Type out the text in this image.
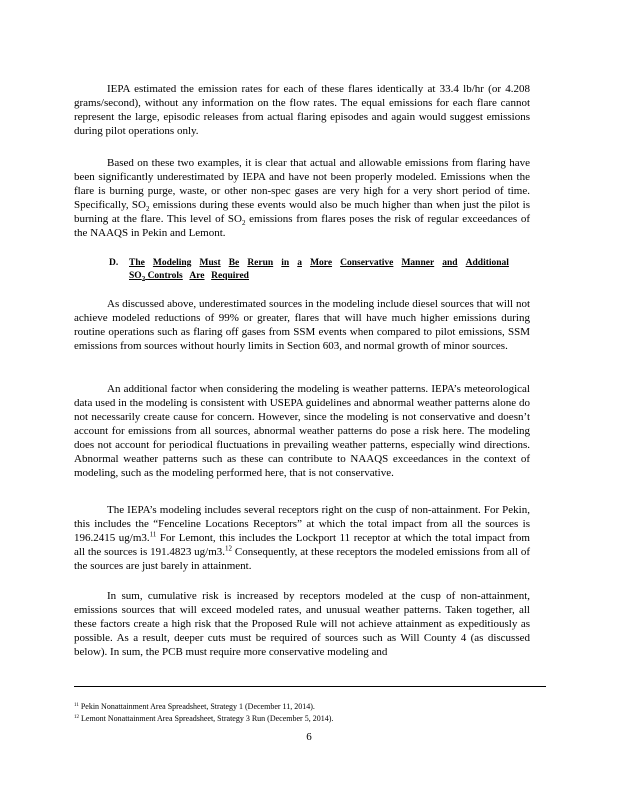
IEPA estimated the emission rates for each of these flares identically at 33.4 lb/hr (or 4.208 grams/second), without any information on the flow rates. The equal emissions for each flare cannot represent the large, episodic releases from actual flaring episodes and again would suggest emissions during pilot operations only.

Based on these two examples, it is clear that actual and allowable emissions from flaring have been significantly underestimated by IEPA and have not been properly modeled. Emissions when the flare is burning purge, waste, or other non-spec gases are very high for a very short period of time. Specifically, $SO_2$ emissions during these events would also be much higher than when just the pilot is burning at the flare. This level of $SO_2$ emissions from flares poses the risk of regular exceedances of the NAAQS in Pekin and Lemont.

D. The Modeling Must Be Rerun in a More Conservative Manner and Additional
$SO_2$ Controls Are Required

As discussed above, underestimated sources in the modeling include diesel sources that will not achieve modeled reductions of 99% or greater, flares that will have much higher emissions during routine operations such as flaring off gases from SSM events when compared to pilot emissions, SSM emissions from sources without hourly limits in Section 603, and normal growth of minor sources.

An additional factor when considering the modeling is weather patterns. IEPA’s meteorological data used in the modeling is consistent with USEPA guidelines and abnormal weather patterns alone do not necessarily create cause for concern. However, since the modeling is not conservative and doesn’t account for emissions from all sources, abnormal weather patterns do pose a risk here. The modeling does not account for periodical fluctuations in prevailing weather patterns, especially wind directions. Abnormal weather patterns such as these can contribute to NAAQS exceedances in the context of modeling, such as the modeling performed here, that is not conservative.

The IEPA’s modeling includes several receptors right on the cusp of non-attainment. For Pekin, this includes the “Fenceline Locations Receptors” at which the total impact from all the sources is 196.2415 ug/m3.11 For Lemont, this includes the Lockport 11 receptor at which the total impact from all the sources is 191.4823 ug/m3.12 Consequently, at these receptors the modeled emissions from all of the sources are just barely in attainment.

In sum, cumulative risk is increased by receptors modeled at the cusp of non-attainment, emissions sources that will exceed modeled rates, and unusual weather patterns. Taken together, all these factors create a high risk that the Proposed Rule will not achieve attainment as expeditiously as possible. As a result, deeper cuts must be required of sources such as Will County 4 (as discussed below). In sum, the PCB must require more conservative modeling and

$^{11}$ Pekin Nonattainment Area Spreadsheet, Strategy 1 (December 11, 2014).
$^{12}$ Lemont Nonattainment Area Spreadsheet, Strategy 3 Run (December 5, 2014).
6
